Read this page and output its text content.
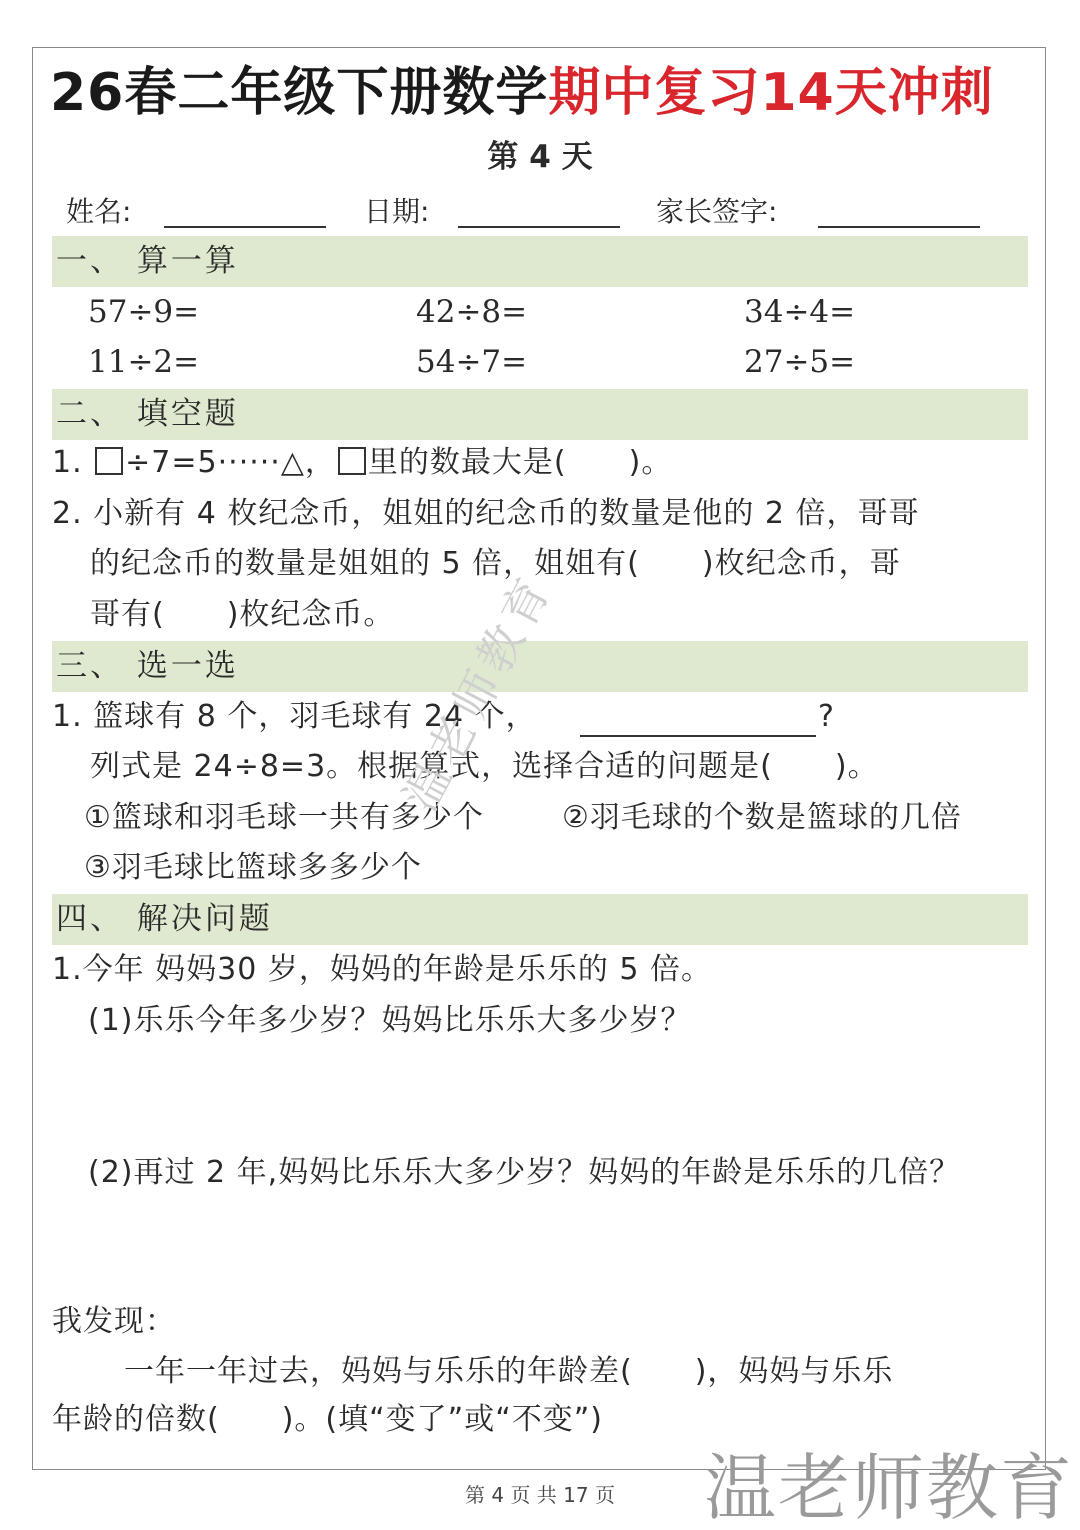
26春二年级下册数学期中复习14天冲刺
第 4 天
姓名:	日期:	家长签字:
一、 算一算
57÷9=	42÷8=	34÷4=
11÷2=	54÷7=	27÷5=
二、 填空题
1. ÷7=5······△， 里的数最大是(　　)。
2. 小新有 4 枚纪念币，姐姐的纪念币的数量是他的 2 倍，哥哥
的纪念币的数量是姐姐的 5 倍，姐姐有(　　)枚纪念币，哥
哥有(　　)枚纪念币。
三、 选一选
1. 篮球有 8 个，羽毛球有 24 个，	?
列式是 24÷8=3。根据算式，选择合适的问题是(　　)。
①篮球和羽毛球一共有多少个	②羽毛球的个数是篮球的几倍
③羽毛球比篮球多多少个
四、 解决问题
1.今年 妈妈30 岁，妈妈的年龄是乐乐的 5 倍。
(1)乐乐今年多少岁？妈妈比乐乐大多少岁？
(2)再过 2 年,妈妈比乐乐大多少岁？妈妈的年龄是乐乐的几倍？
我发现：
一年一年过去，妈妈与乐乐的年龄差(　　)，妈妈与乐乐
年龄的倍数(　　)。(填“变了”或“不变”)
温老师教育
第 4 页 共 17 页	温老师教育
